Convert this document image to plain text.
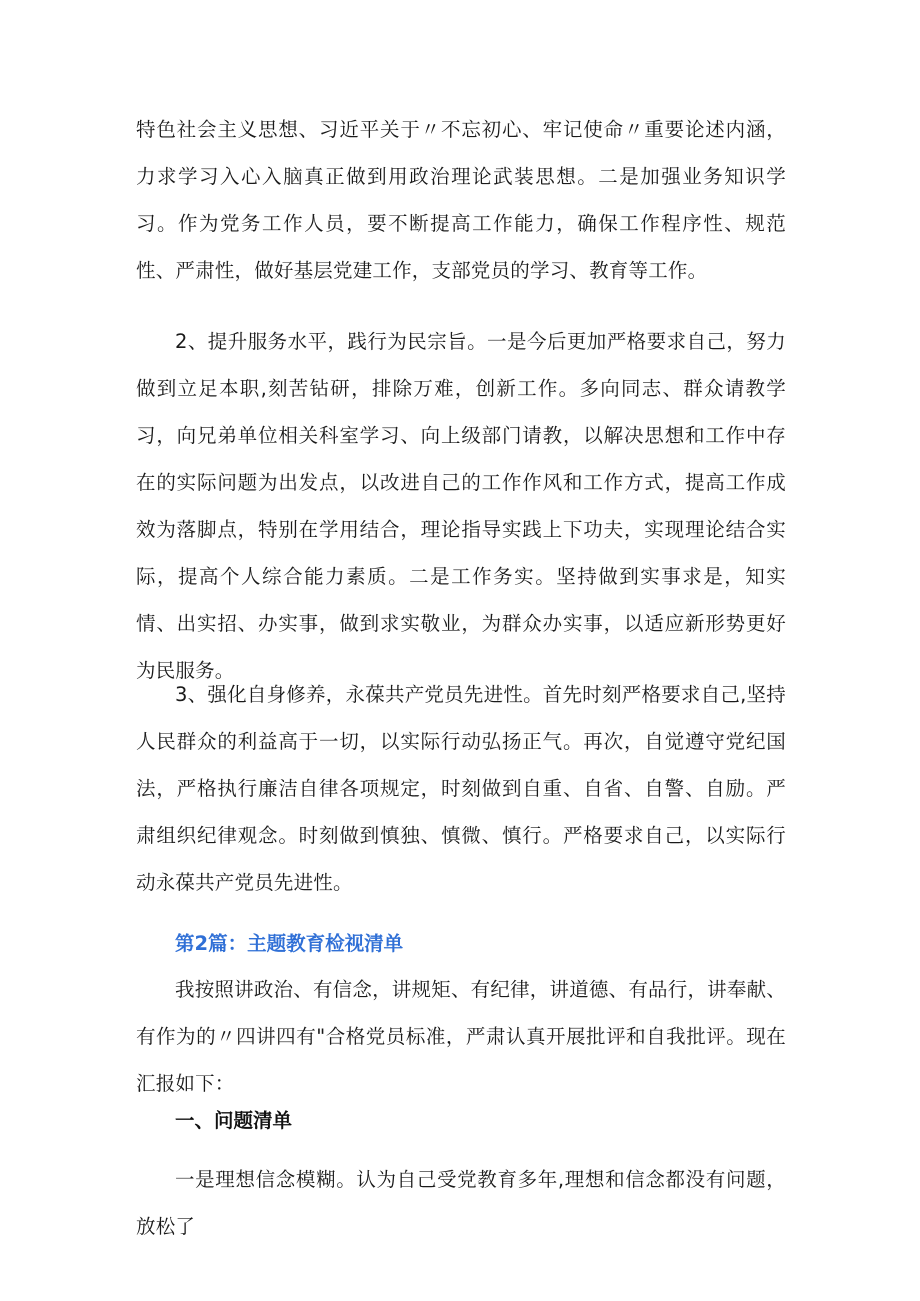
特色社会主义思想、习近平关于〃不忘初心、牢记使命〃重要论述内涵，力求学习入心入脑真正做到用政治理论武装思想。二是加强业务知识学习。作为党务工作人员，要不断提高工作能力，确保工作程序性、规范性、严肃性，做好基层党建工作，支部党员的学习、教育等工作。

2、提升服务水平，践行为民宗旨。一是今后更加严格要求自己，努力做到立足本职,刻苦钻研，排除万难，创新工作。多向同志、群众请教学习，向兄弟单位相关科室学习、向上级部门请教，以解决思想和工作中存在的实际问题为出发点，以改进自己的工作作风和工作方式，提高工作成效为落脚点，特别在学用结合，理论指导实践上下功夫，实现理论结合实际，提高个人综合能力素质。二是工作务实。坚持做到实事求是，知实情、出实招、办实事，做到求实敬业，为群众办实事，以适应新形势更好为民服务。

3、强化自身修养，永葆共产党员先进性。首先时刻严格要求自己,坚持人民群众的利益高于一切，以实际行动弘扬正气。再次，自觉遵守党纪国法，严格执行廉洁自律各项规定，时刻做到自重、自省、自警、自励。严肃组织纪律观念。时刻做到慎独、慎微、慎行。严格要求自己，以实际行动永葆共产党员先进性。

第2篇：主题教育检视清单

我按照讲政治、有信念，讲规矩、有纪律，讲道德、有品行，讲奉献、有作为的〃四讲四有"合格党员标准，严肃认真开展批评和自我批评。现在汇报如下：

一、问题清单

一是理想信念模糊。认为自己受党教育多年,理想和信念都没有问题，放松了
